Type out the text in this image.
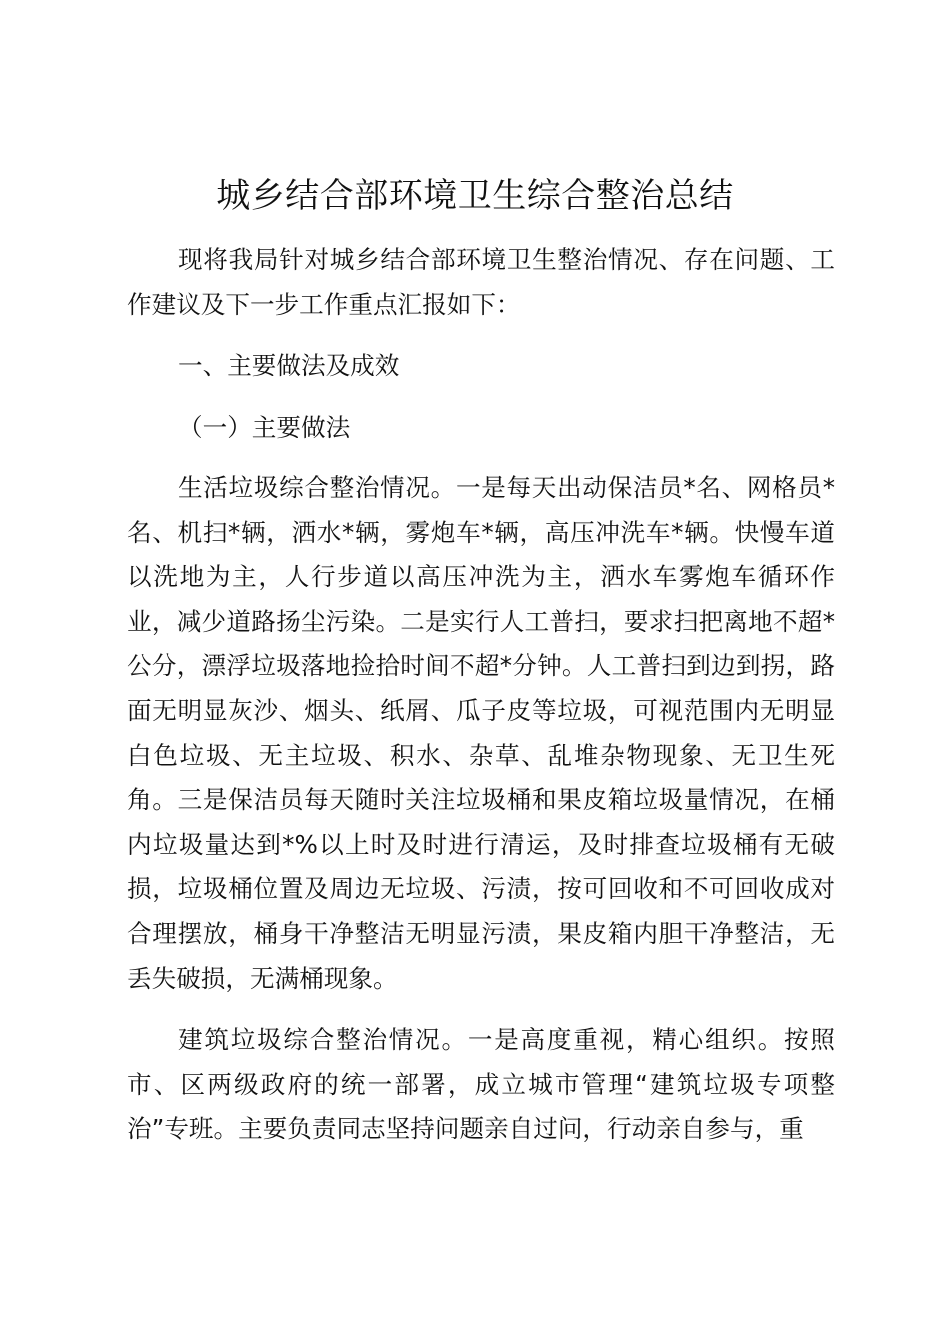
城乡结合部环境卫生综合整治总结

现将我局针对城乡结合部环境卫生整治情况、存在问题、工作建议及下一步工作重点汇报如下：

一、主要做法及成效

（一）主要做法

生活垃圾综合整治情况。一是每天出动保洁员*名、网格员*名、机扫*辆，洒水*辆，雾炮车*辆，高压冲洗车*辆。快慢车道以洗地为主，人行步道以高压冲洗为主，洒水车雾炮车循环作业，减少道路扬尘污染。二是实行人工普扫，要求扫把离地不超*公分，漂浮垃圾落地捡拾时间不超*分钟。人工普扫到边到拐，路面无明显灰沙、烟头、纸屑、瓜子皮等垃圾，可视范围内无明显白色垃圾、无主垃圾、积水、杂草、乱堆杂物现象、无卫生死角。三是保洁员每天随时关注垃圾桶和果皮箱垃圾量情况，在桶内垃圾量达到*%以上时及时进行清运，及时排查垃圾桶有无破损，垃圾桶位置及周边无垃圾、污渍，按可回收和不可回收成对合理摆放，桶身干净整洁无明显污渍，果皮箱内胆干净整洁，无丢失破损，无满桶现象。

建筑垃圾综合整治情况。一是高度重视，精心组织。按照市、区两级政府的统一部署，成立城市管理“建筑垃圾专项整治”专班。主要负责同志坚持问题亲自过问，行动亲自参与，重
